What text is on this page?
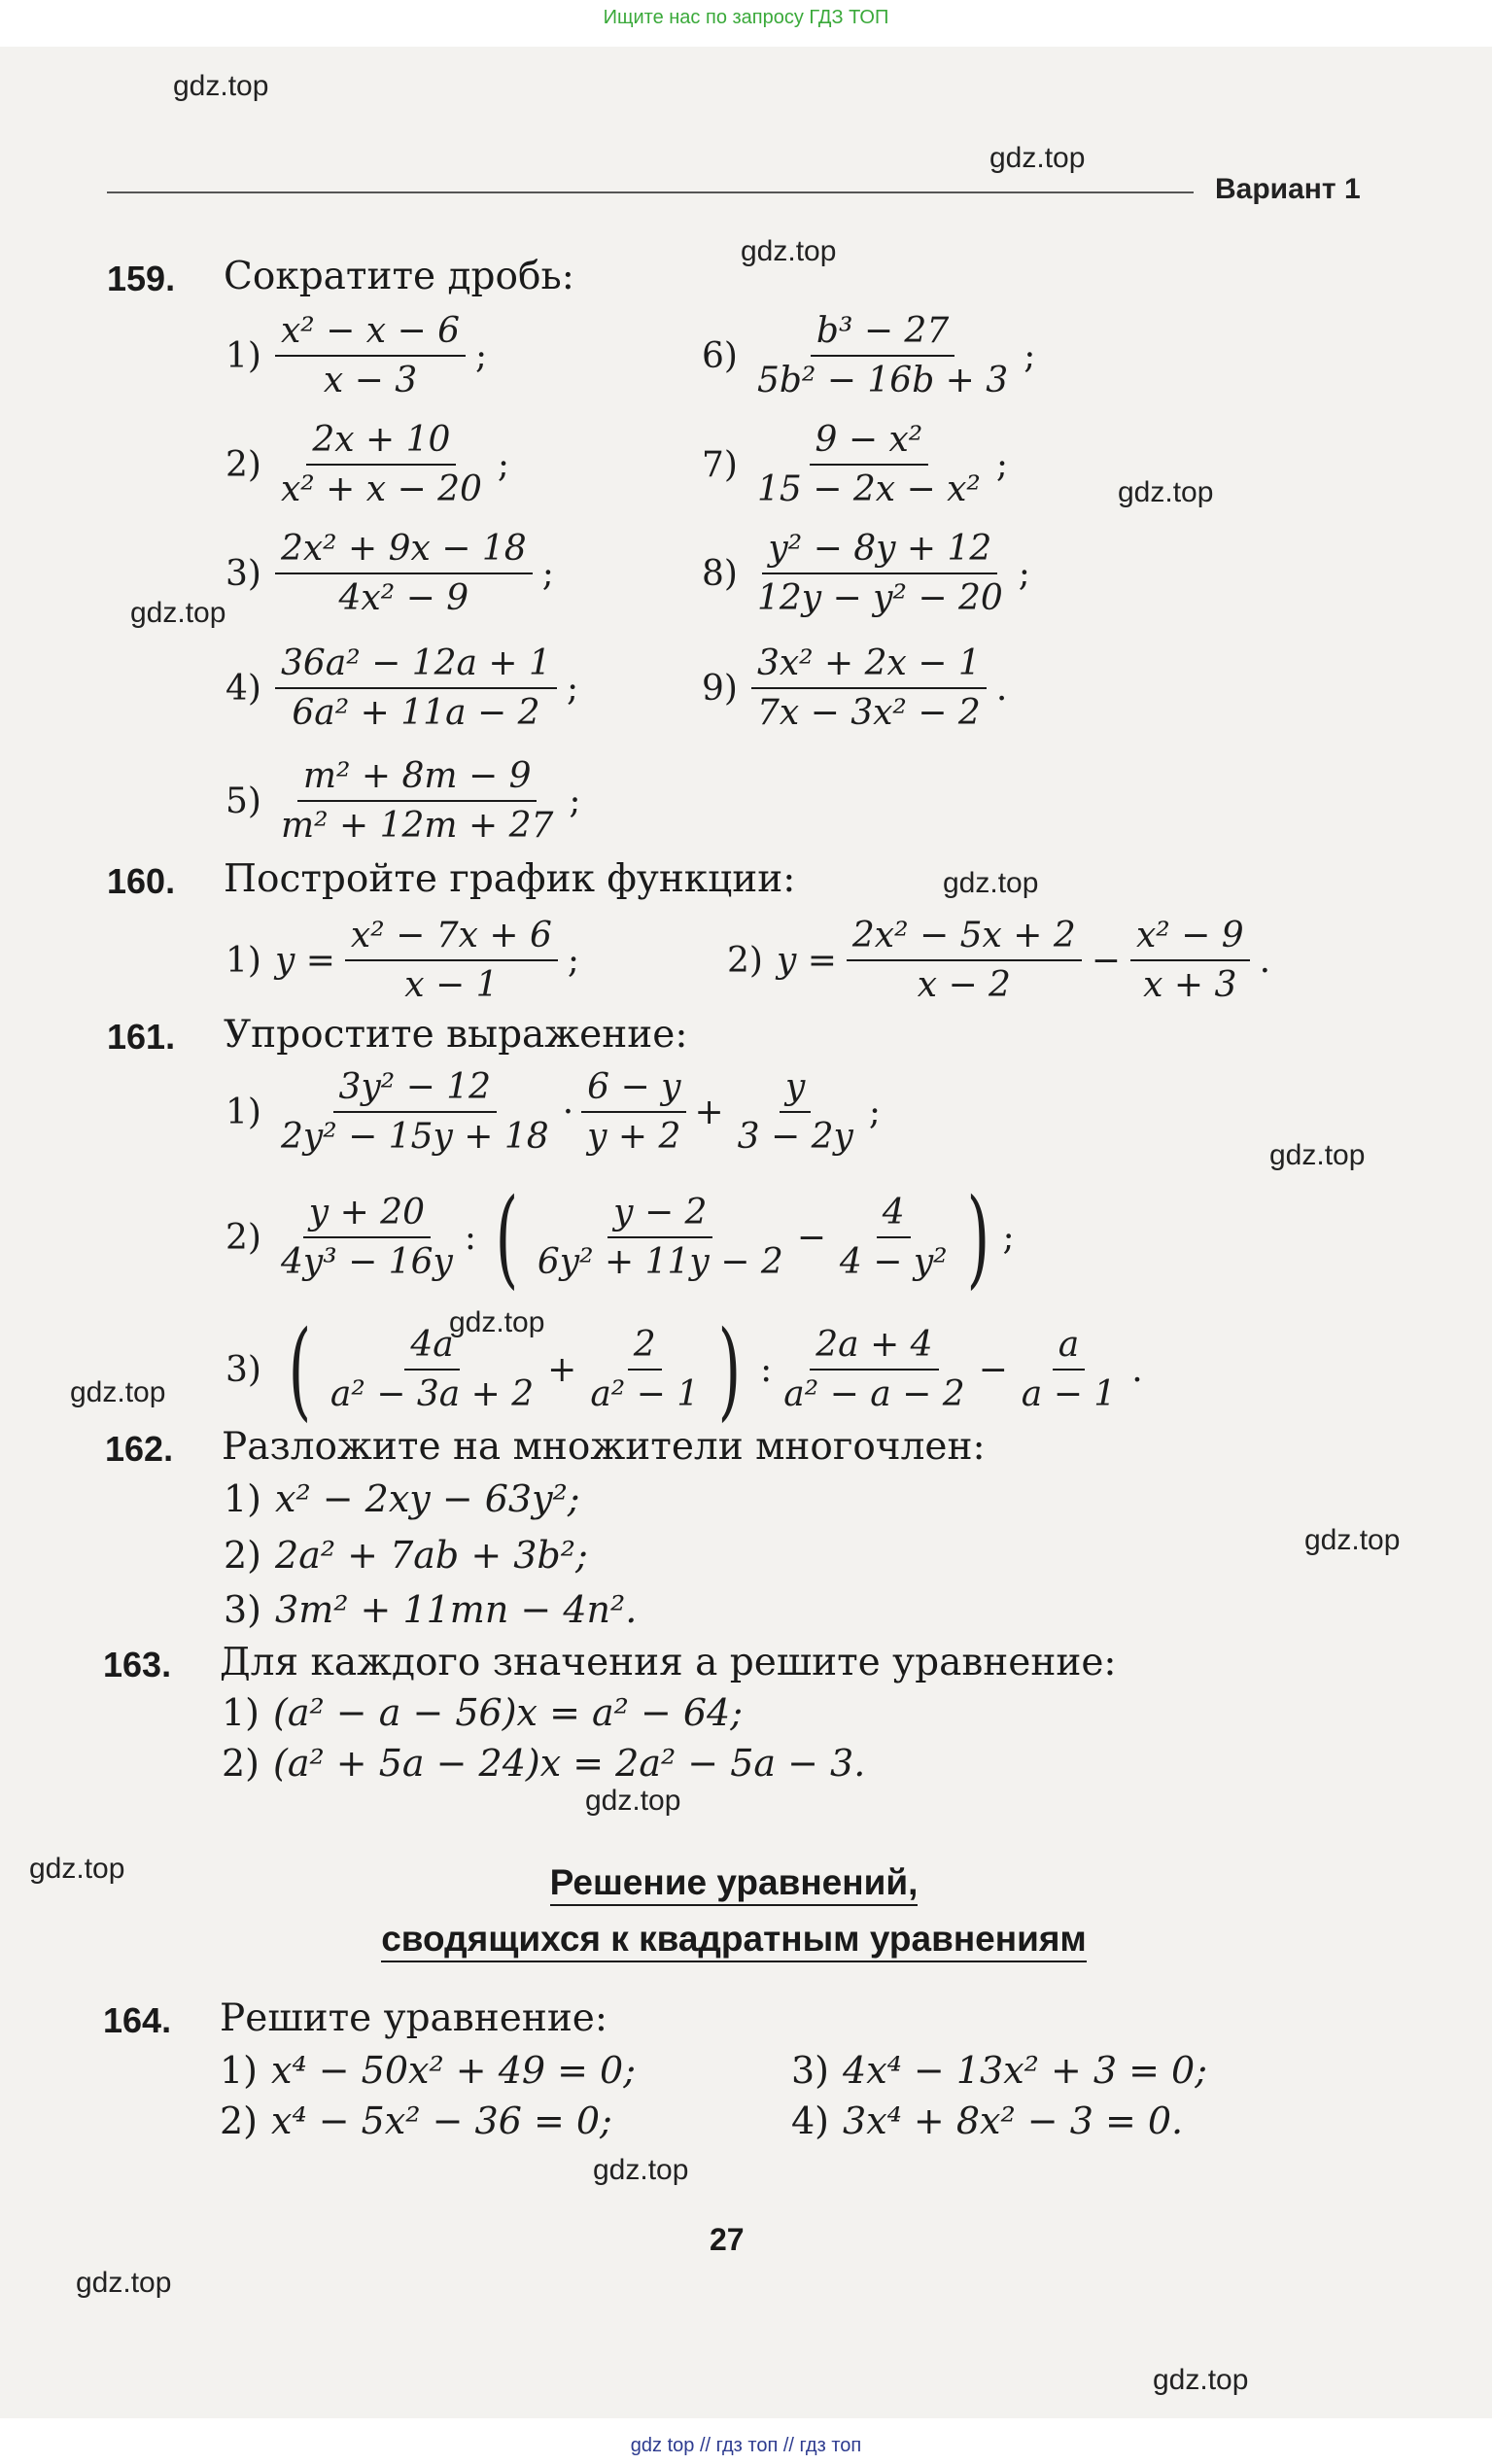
Ищите нас по запросу ГДЗ ТОП
gdz.top
gdz.top
gdz.top
gdz.top
gdz.top
gdz.top
gdz.top
gdz.top
gdz.top
gdz.top
gdz.top
gdz.top
gdz.top
gdz.top
gdz.top
Вариант 1
159. Сократите дробь:
$1) \frac{\text{x² − x − 6}}{x - 3}$ ;
$2) \frac{2x + 10}{\text{x² + x − 20}}$ ;
$3) \frac{\text{2x² + 9x − 18}}{\text{4x² − 9}}$ ;
$4) \frac{\text{36a² − 12a + 1}}{\text{6a² + 11a − 2}}$ ;
$5) \frac{\text{m² + 8m − 9}}{\text{m² + 12m + 27}}$ ;
$6) \frac{\text{b³ − 27}}{\text{5b² − 16b + 3}}$ ;
$7) \frac{\text{9 − x²}}{\text{15 − 2x − x²}}$ ;
$8) \frac{\text{y² − 8y + 12}}{\text{12y − y² − 20}}$ ;
$9) \frac{\text{3x² + 2x − 1}}{\text{7x − 3x² − 2}}$ .
160. Постройте график функции:
1) $y = \frac{\text{x² − 7x + 6}}{x - 1}$ ;	2) $y = \frac{\text{2x² − 5x + 2}}{x - 2} - \frac{\text{x² − 9}}{x + 3}$ .
161. Упростите выражение:
$1) \frac{\text{3y² − 12}}{\text{2y² − 15y + 18}} \cdot \frac{6 - y}{y + 2} + \frac{y}{3 - 2y}$ ;
$2) \frac{y + 20}{\text{4y³ − 16y}}$ : ( $\frac{y - 2}{\text{6y² + 11y − 2}} - \frac{4}{\text{4 − y²}}$ ) ;
3) ( $\frac{4a}{\text{a² − 3a + 2}} + \frac{2}{\text{a² − 1}}$ ) : $\frac{2a + 4}{\text{a² − a − 2}} - \frac{a}{a - 1}$ .
162. Разложите на множители многочлен:
1) x² − 2xy − 63y²;
2) 2a² + 7ab + 3b²;
3) 3m² + 11mn − 4n².
163. Для каждого значения a решите уравнение:
1) (a² − a − 56)x = a² − 64;
2) (a² + 5a − 24)x = 2a² − 5a − 3.
Решение уравнений,
сводящихся к квадратным уравнениям
164. Решите уравнение:
1) x⁴ − 50x² + 49 = 0;
2) x⁴ − 5x² − 36 = 0;
3) 4x⁴ − 13x² + 3 = 0;
4) 3x⁴ + 8x² − 3 = 0.
27
gdz top // гдз топ // гдз топ
